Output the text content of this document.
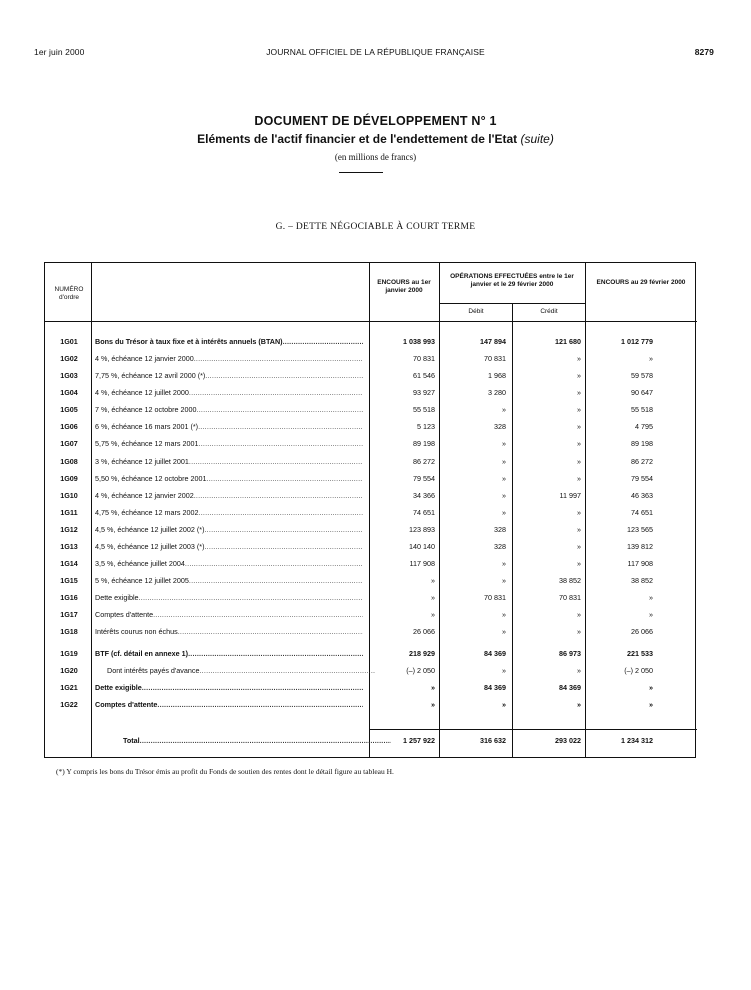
1er juin 2000	JOURNAL OFFICIEL DE LA RÉPUBLIQUE FRANÇAISE	8279
DOCUMENT DE DÉVELOPPEMENT N° 1
Eléments de l'actif financier et de l'endettement de l'Etat (suite)
(en millions de francs)
G. – DETTE NÉGOCIABLE À COURT TERME
NUMÉRO d'ordre
ENCOURS au 1er janvier 2000
OPÉRATIONS EFFECTUÉES entre le 1er janvier et le 29 février 2000
Débit	Crédit
ENCOURS au 29 février 2000
1G01	Bons du Trésor à taux fixe et à intérêts annuels (BTAN) .....	1 038 993	147 894	121 680	1 012 779
1G02	4 %, échéance 12 janvier 2000 .....	70 831	70 831	»	»
1G03	7,75 %, échéance 12 avril 2000 (*) .....	61 546	1 968	»	59 578
1G04	4 %, échéance 12 juillet 2000 .....	93 927	3 280	»	90 647
1G05	7 %, échéance 12 octobre 2000 .....	55 518	»	»	55 518
1G06	6 %, échéance 16 mars 2001 (*) .....	5 123	328	»	4 795
1G07	5,75 %, échéance 12 mars 2001 .....	89 198	»	»	89 198
1G08	3 %, échéance 12 juillet 2001 .....	86 272	»	»	86 272
1G09	5,50 %, échéance 12 octobre 2001 .....	79 554	»	»	79 554
1G10	4 %, échéance 12 janvier 2002 .....	34 366	»	11 997	46 363
1G11	4,75 %, échéance 12 mars 2002 .....	74 651	»	»	74 651
1G12	4,5 %, échéance 12 juillet 2002 (*) .....	123 893	328	»	123 565
1G13	4,5 %, échéance 12 juillet 2003 (*) .....	140 140	328	»	139 812
1G14	3,5 %, échéance juillet 2004 .....	117 908	»	»	117 908
1G15	5 %, échéance 12 juillet 2005 .....	»	»	38 852	38 852
1G16	Dette exigible .....	»	70 831	70 831	»
1G17	Comptes d'attente .....	»	»	»	»
1G18	Intérêts courus non échus .....	26 066	»	»	26 066
1G19	BTF (cf. détail en annexe 1) .....	218 929	84 369	86 973	221 533
1G20	Dont intérêts payés d'avance .....	(–) 2 050	»	»	(–) 2 050
1G21	Dette exigible .....	»	84 369	84 369	»
1G22	Comptes d'attente .....	»	»	»	»
Total .....	1 257 922	316 632	293 022	1 234 312
(*) Y compris les bons du Trésor émis au profit du Fonds de soutien des rentes dont le détail figure au tableau H.
